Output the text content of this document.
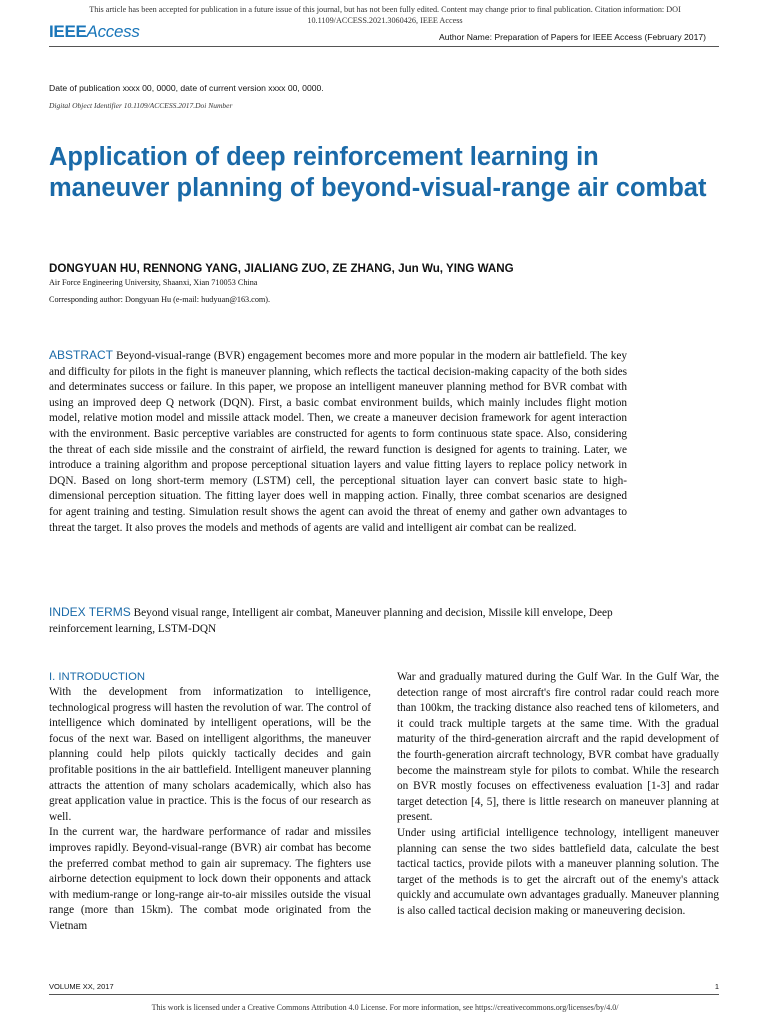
This article has been accepted for publication in a future issue of this journal, but has not been fully edited. Content may change prior to final publication. Citation information: DOI
10.1109/ACCESS.2021.3060426, IEEE Access
IEEEAccess	Author Name: Preparation of Papers for IEEE Access (February 2017)
Date of publication xxxx 00, 0000, date of current version xxxx 00, 0000.
Digital Object Identifier 10.1109/ACCESS.2017.Doi Number
Application of deep reinforcement learning in maneuver planning of beyond-visual-range air combat
DONGYUAN HU, RENNONG YANG, JIALIANG ZUO, ZE ZHANG, Jun Wu, YING WANG
Air Force Engineering University, Shaanxi, Xian 710053 China
Corresponding author: Dongyuan Hu (e-mail: hudyuan@163.com).

ABSTRACT Beyond-visual-range (BVR) engagement becomes more and more popular in the modern air battlefield. The key and difficulty for pilots in the fight is maneuver planning, which reflects the tactical decision-making capacity of the both sides and determinates success or failure. In this paper, we propose an intelligent maneuver planning method for BVR combat with using an improved deep Q network (DQN). First, a basic combat environment builds, which mainly includes flight motion model, relative motion model and missile attack model. Then, we create a maneuver decision framework for agent interaction with the environment. Basic perceptive variables are constructed for agents to form continuous state space. Also, considering the threat of each side missile and the constraint of airfield, the reward function is designed for agents to training. Later, we introduce a training algorithm and propose perceptional situation layers and value fitting layers to replace policy network in DQN. Based on long short-term memory (LSTM) cell, the perceptional situation layer can convert basic state to high-dimensional perception situation. The fitting layer does well in mapping action. Finally, three combat scenarios are designed for agent training and testing. Simulation result shows the agent can avoid the threat of enemy and gather own advantages to threat the target. It also proves the models and methods of agents are valid and intelligent air combat can be realized.

INDEX TERMS Beyond visual range, Intelligent air combat, Maneuver planning and decision, Missile kill envelope, Deep reinforcement learning, LSTM-DQN

I. INTRODUCTION

With the development from informatization to intelligence, technological progress will hasten the revolution of war. The control of intelligence which dominated by intelligent operations, will be the focus of the next war. Based on intelligent algorithms, the maneuver planning could help pilots quickly tactically decides and gain profitable positions in the air battlefield. Intelligent maneuver planning attracts the attention of many scholars academically, which also has great application value in practice. This is the focus of our research as well.

In the current war, the hardware performance of radar and missiles improves rapidly. Beyond-visual-range (BVR) air combat has become the preferred combat method to gain air supremacy. The fighters use airborne detection equipment to lock down their opponents and attack with medium-range or long-range air-to-air missiles outside the visual range (more than 15km). The combat mode originated from the Vietnam

War and gradually matured during the Gulf War. In the Gulf War, the detection range of most aircraft's fire control radar could reach more than 100km, the tracking distance also reached tens of kilometers, and it could track multiple targets at the same time. With the gradual maturity of the third-generation aircraft and the rapid development of the fourth-generation aircraft technology, BVR combat have gradually become the mainstream style for pilots to combat. While the research on BVR mostly focuses on effectiveness evaluation [1-3] and radar target detection [4, 5], there is little research on maneuver planning at present.

Under using artificial intelligence technology, intelligent maneuver planning can sense the two sides battlefield data, calculate the best tactical tactics, provide pilots with a maneuver planning solution. The target of the methods is to get the aircraft out of the enemy's attack quickly and accumulate own advantages gradually. Maneuver planning is also called tactical decision making or maneuvering decision.

VOLUME XX, 2017	1
This work is licensed under a Creative Commons Attribution 4.0 License. For more information, see https://creativecommons.org/licenses/by/4.0/
